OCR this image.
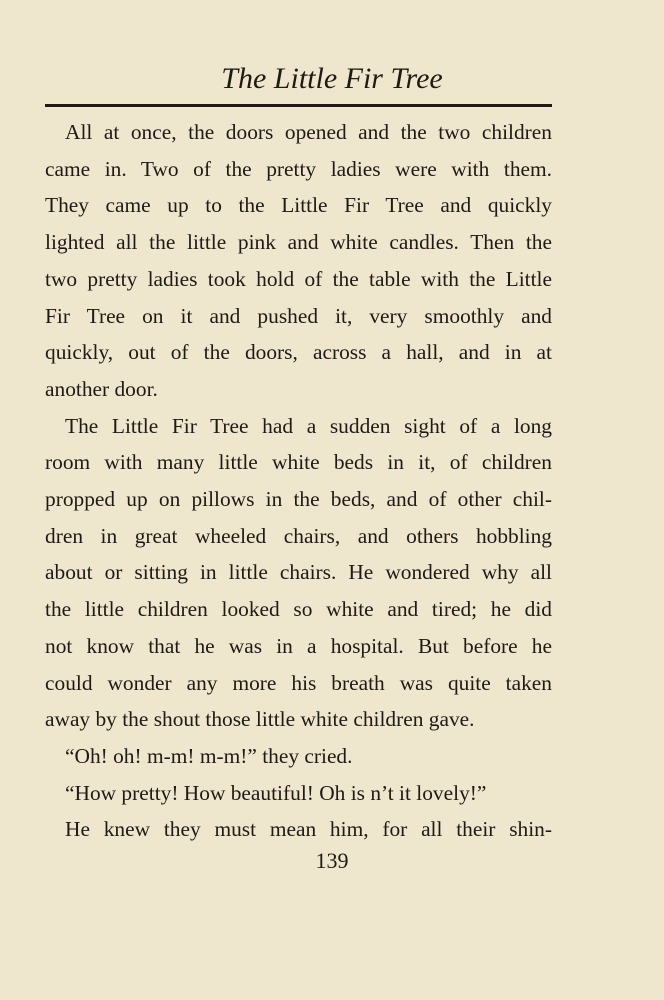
The Little Fir Tree
All at once, the doors opened and the two children
came in. Two of the pretty ladies were with them.
They came up to the Little Fir Tree and quickly
lighted all the little pink and white candles. Then the
two pretty ladies took hold of the table with the Little
Fir Tree on it and pushed it, very smoothly and
quickly, out of the doors, across a hall, and in at
another door.
The Little Fir Tree had a sudden sight of a long
room with many little white beds in it, of children
propped up on pillows in the beds, and of other chil-
dren in great wheeled chairs, and others hobbling
about or sitting in little chairs. He wondered why all
the little children looked so white and tired; he did
not know that he was in a hospital. But before he
could wonder any more his breath was quite taken
away by the shout those little white children gave.
“Oh! oh! m-m! m-m!” they cried.
“How pretty! How beautiful! Oh is n’t it lovely!”
He knew they must mean him, for all their shin-
139
